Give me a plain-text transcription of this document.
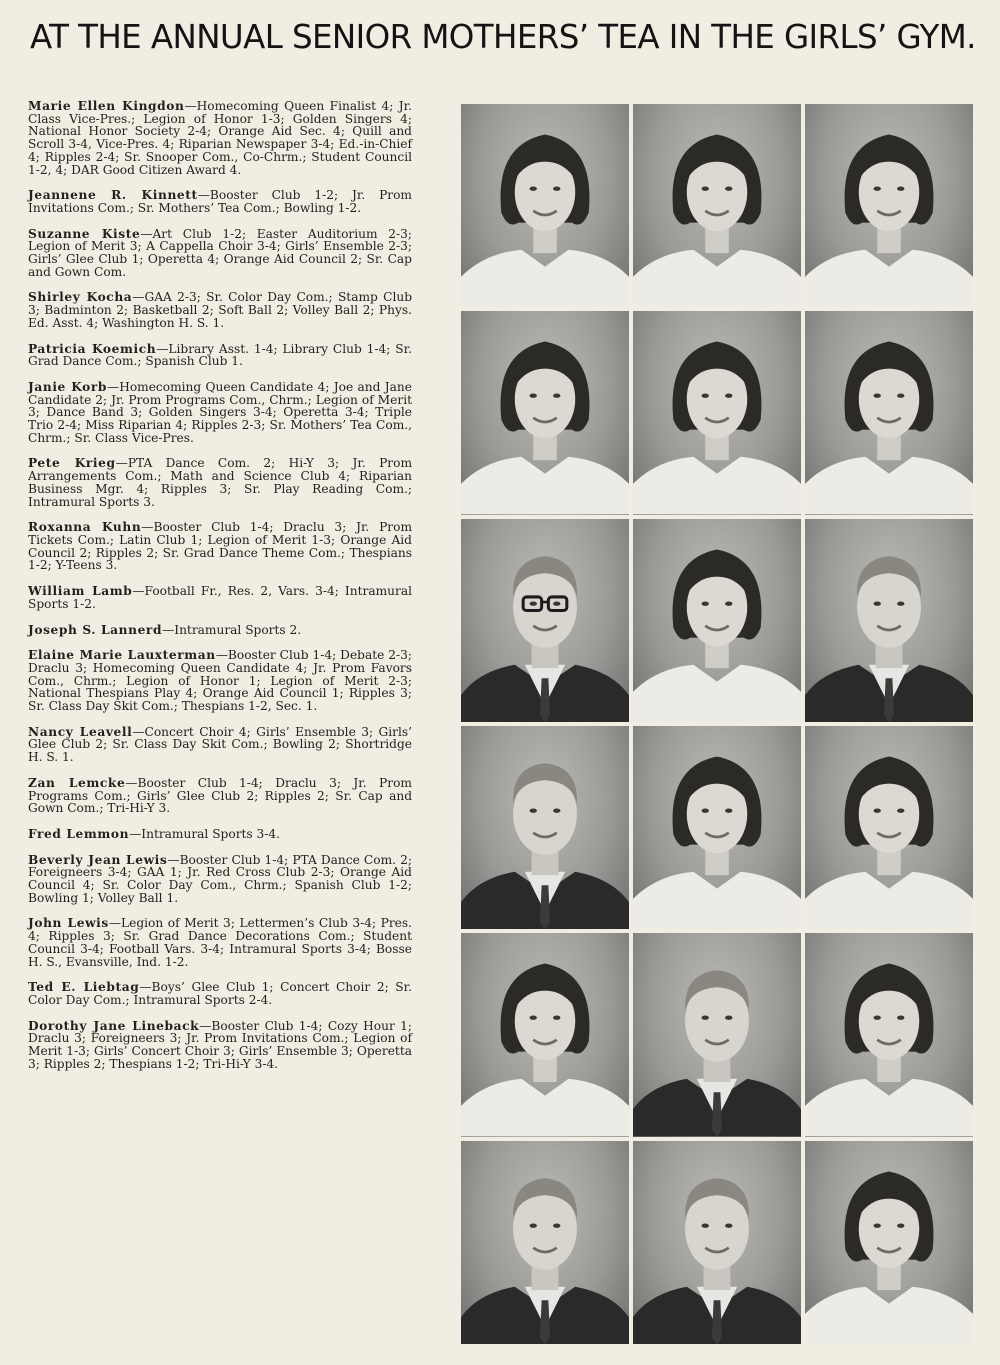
AT THE ANNUAL SENIOR MOTHERS’ TEA IN THE GIRLS’ GYM.

Marie Ellen Kingdon—Homecoming Queen Finalist 4; Jr. Class Vice-Pres.; Legion of Honor 1-3; Golden Singers 4; National Honor Society 2-4; Orange Aid Sec. 4; Quill and Scroll 3-4, Vice-Pres. 4; Riparian Newspaper 3-4; Ed.-in-Chief 4; Ripples 2-4; Sr. Snooper Com., Co-Chrm.; Student Council 1-2, 4; DAR Good Citizen Award 4.

Jeannene R. Kinnett—Booster Club 1-2; Jr. Prom Invitations Com.; Sr. Mothers’ Tea Com.; Bowling 1-2.

Suzanne Kiste—Art Club 1-2; Easter Auditorium 2-3; Legion of Merit 3; A Cappella Choir 3-4; Girls’ Ensemble 2-3; Girls’ Glee Club 1; Operetta 4; Orange Aid Council 2; Sr. Cap and Gown Com.

Shirley Kocha—GAA 2-3; Sr. Color Day Com.; Stamp Club 3; Badminton 2; Basketball 2; Soft Ball 2; Volley Ball 2; Phys. Ed. Asst. 4; Washington H. S. 1.

Patricia Koemich—Library Asst. 1-4; Library Club 1-4; Sr. Grad Dance Com.; Spanish Club 1.

Janie Korb—Homecoming Queen Candidate 4; Joe and Jane Candidate 2; Jr. Prom Programs Com., Chrm.; Legion of Merit 3; Dance Band 3; Golden Singers 3-4; Operetta 3-4; Triple Trio 2-4; Miss Riparian 4; Ripples 2-3; Sr. Mothers’ Tea Com., Chrm.; Sr. Class Vice-Pres.

Pete Krieg—PTA Dance Com. 2; Hi-Y 3; Jr. Prom Arrangements Com.; Math and Science Club 4; Riparian Business Mgr. 4; Ripples 3; Sr. Play Reading Com.; Intramural Sports 3.

Roxanna Kuhn—Booster Club 1-4; Draclu 3; Jr. Prom Tickets Com.; Latin Club 1; Legion of Merit 1-3; Orange Aid Council 2; Ripples 2; Sr. Grad Dance Theme Com.; Thespians 1-2; Y-Teens 3.

William Lamb—Football Fr., Res. 2, Vars. 3-4; Intramural Sports 1-2.

Joseph S. Lannerd—Intramural Sports 2.

Elaine Marie Lauxterman—Booster Club 1-4; Debate 2-3; Draclu 3; Homecoming Queen Candidate 4; Jr. Prom Favors Com., Chrm.; Legion of Honor 1; Legion of Merit 2-3; National Thespians Play 4; Orange Aid Council 1; Ripples 3; Sr. Class Day Skit Com.; Thespians 1-2, Sec. 1.

Nancy Leavell—Concert Choir 4; Girls’ Ensemble 3; Girls’ Glee Club 2; Sr. Class Day Skit Com.; Bowling 2; Shortridge H. S. 1.

Zan Lemcke—Booster Club 1-4; Draclu 3; Jr. Prom Programs Com.; Girls’ Glee Club 2; Ripples 2; Sr. Cap and Gown Com.; Tri-Hi-Y 3.

Fred Lemmon—Intramural Sports 3-4.

Beverly Jean Lewis—Booster Club 1-4; PTA Dance Com. 2; Foreigneers 3-4; GAA 1; Jr. Red Cross Club 2-3; Orange Aid Council 4; Sr. Color Day Com., Chrm.; Spanish Club 1-2; Bowling 1; Volley Ball 1.

John Lewis—Legion of Merit 3; Lettermen’s Club 3-4; Pres. 4; Ripples 3; Sr. Grad Dance Decorations Com.; Student Council 3-4; Football Vars. 3-4; Intramural Sports 3-4; Bosse H. S., Evansville, Ind. 1-2.

Ted E. Liebtag—Boys’ Glee Club 1; Concert Choir 2; Sr. Color Day Com.; Intramural Sports 2-4.

Dorothy Jane Lineback—Booster Club 1-4; Cozy Hour 1; Draclu 3; Foreigneers 3; Jr. Prom Invitations Com.; Legion of Merit 1-3; Girls’ Concert Choir 3; Girls’ Ensemble 3; Operetta 3; Ripples 2; Thespians 1-2; Tri-Hi-Y 3-4.
